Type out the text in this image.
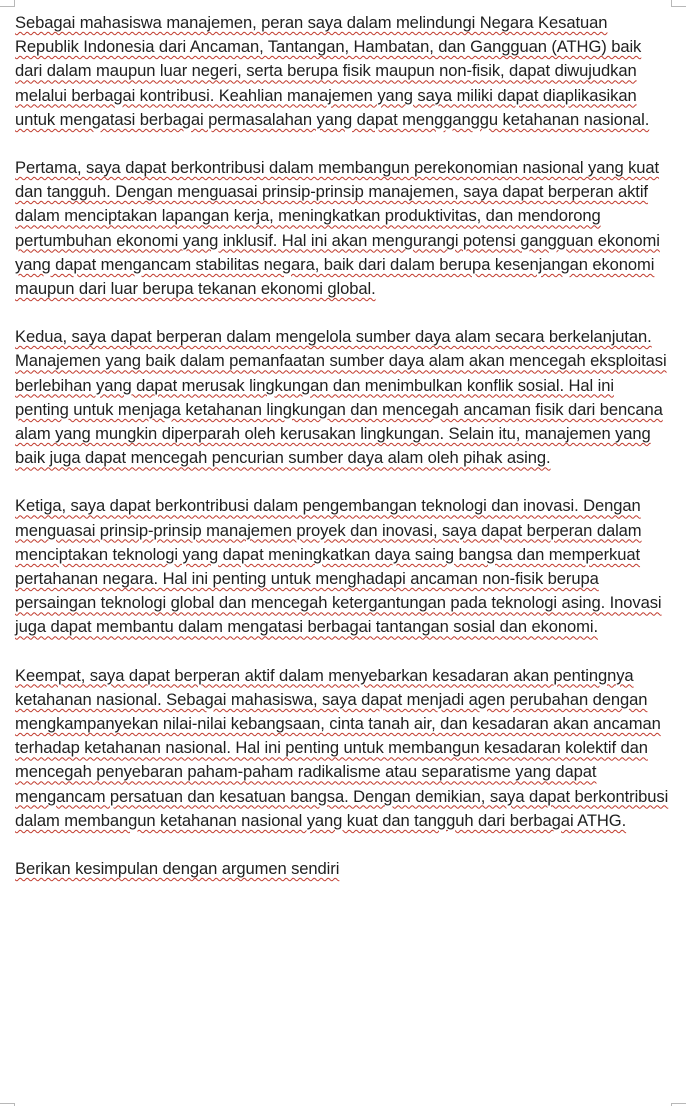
Sebagai mahasiswa manajemen, peran saya dalam melindungi Negara Kesatuan Republik Indonesia dari Ancaman, Tantangan, Hambatan, dan Gangguan (ATHG) baik dari dalam maupun luar negeri, serta berupa fisik maupun non-fisik, dapat diwujudkan melalui berbagai kontribusi. Keahlian manajemen yang saya miliki dapat diaplikasikan untuk mengatasi berbagai permasalahan yang dapat mengganggu ketahanan nasional.

Pertama, saya dapat berkontribusi dalam membangun perekonomian nasional yang kuat dan tangguh. Dengan menguasai prinsip-prinsip manajemen, saya dapat berperan aktif dalam menciptakan lapangan kerja, meningkatkan produktivitas, dan mendorong pertumbuhan ekonomi yang inklusif. Hal ini akan mengurangi potensi gangguan ekonomi yang dapat mengancam stabilitas negara, baik dari dalam berupa kesenjangan ekonomi maupun dari luar berupa tekanan ekonomi global.

Kedua, saya dapat berperan dalam mengelola sumber daya alam secara berkelanjutan. Manajemen yang baik dalam pemanfaatan sumber daya alam akan mencegah eksploitasi berlebihan yang dapat merusak lingkungan dan menimbulkan konflik sosial. Hal ini penting untuk menjaga ketahanan lingkungan dan mencegah ancaman fisik dari bencana alam yang mungkin diperparah oleh kerusakan lingkungan. Selain itu, manajemen yang baik juga dapat mencegah pencurian sumber daya alam oleh pihak asing.

Ketiga, saya dapat berkontribusi dalam pengembangan teknologi dan inovasi. Dengan menguasai prinsip-prinsip manajemen proyek dan inovasi, saya dapat berperan dalam menciptakan teknologi yang dapat meningkatkan daya saing bangsa dan memperkuat pertahanan negara. Hal ini penting untuk menghadapi ancaman non-fisik berupa persaingan teknologi global dan mencegah ketergantungan pada teknologi asing. Inovasi juga dapat membantu dalam mengatasi berbagai tantangan sosial dan ekonomi.

Keempat, saya dapat berperan aktif dalam menyebarkan kesadaran akan pentingnya ketahanan nasional. Sebagai mahasiswa, saya dapat menjadi agen perubahan dengan mengkampanyekan nilai-nilai kebangsaan, cinta tanah air, dan kesadaran akan ancaman terhadap ketahanan nasional. Hal ini penting untuk membangun kesadaran kolektif dan mencegah penyebaran paham-paham radikalisme atau separatisme yang dapat mengancam persatuan dan kesatuan bangsa. Dengan demikian, saya dapat berkontribusi dalam membangun ketahanan nasional yang kuat dan tangguh dari berbagai ATHG.

Berikan kesimpulan dengan argumen sendiri
